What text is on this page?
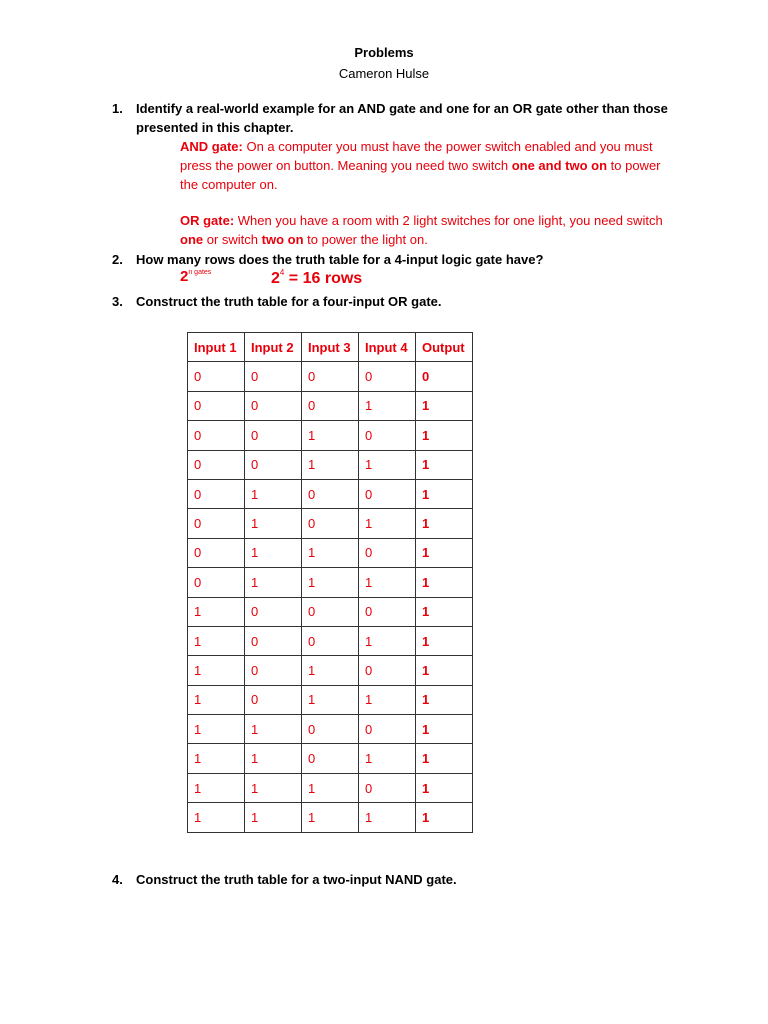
Problems
Cameron Hulse
1. Identify a real-world example for an AND gate and one for an OR gate other than those presented in this chapter.
AND gate: On a computer you must have the power switch enabled and you must press the power on button. Meaning you need two switch one and two on to power the computer on.
OR gate: When you have a room with 2 light switches for one light, you need switch one or switch two on to power the light on.
2. How many rows does the truth table for a 4-input logic gate have?
$2^{n gates}$	$2^4 = 16$ rows
3. Construct the truth table for a four-input OR gate.
Input 1	Input 2	Input 3	Input 4	Output
0	0	0	0	0
0	0	0	1	1
0	0	1	0	1
0	0	1	1	1
0	1	0	0	1
0	1	0	1	1
0	1	1	0	1
0	1	1	1	1
1	0	0	0	1
1	0	0	1	1
1	0	1	0	1
1	0	1	1	1
1	1	0	0	1
1	1	0	1	1
1	1	1	0	1
1	1	1	1	1
4. Construct the truth table for a two-input NAND gate.
